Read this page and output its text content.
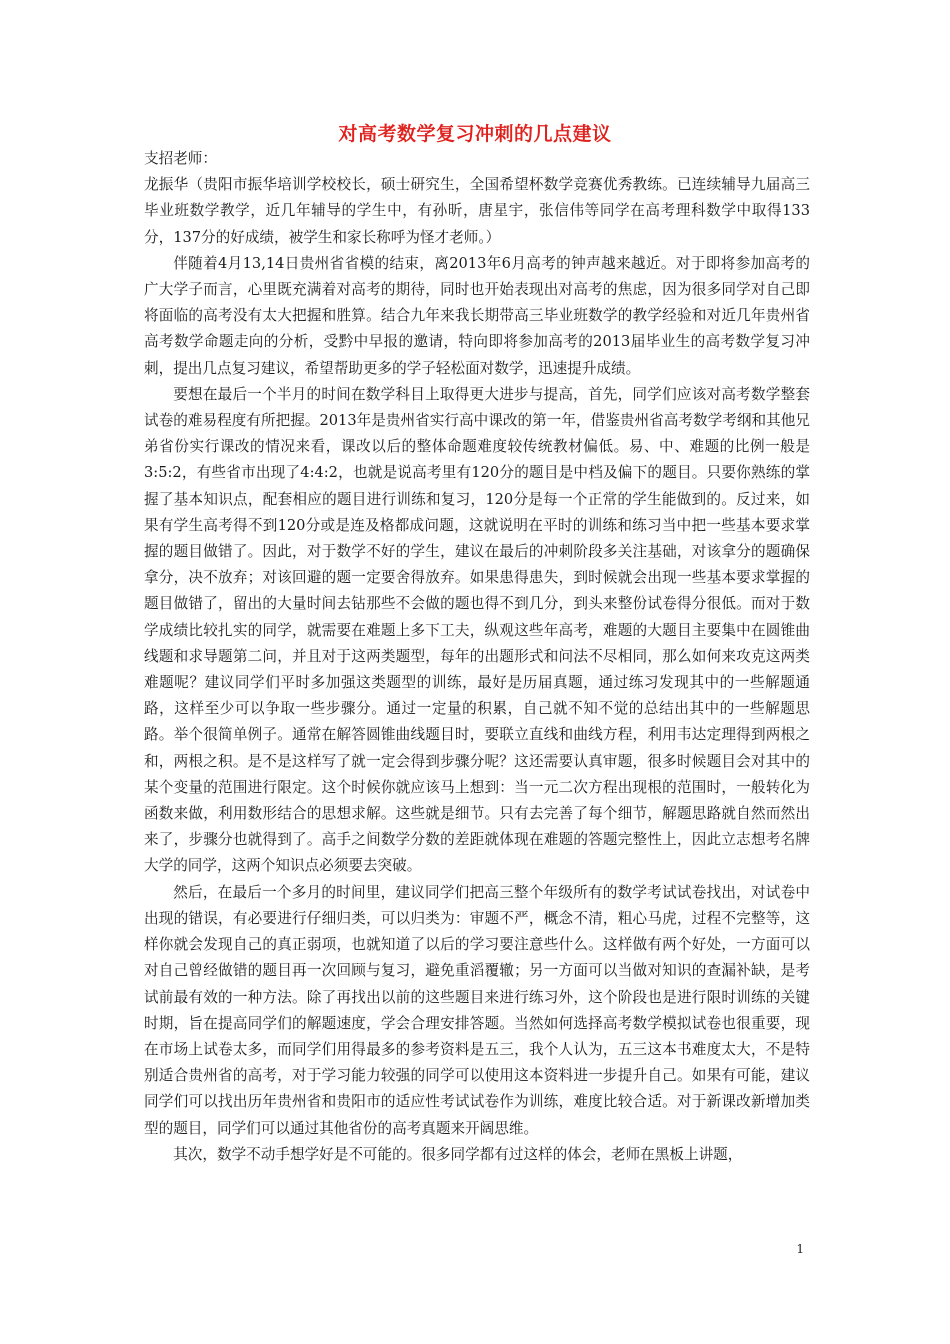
对高考数学复习冲刺的几点建议

支招老师：

龙振华（贵阳市振华培训学校校长，硕士研究生，全国希望杯数学竞赛优秀教练。已连续辅导九届高三毕业班数学教学，近几年辅导的学生中，有孙昕，唐星宇，张信伟等同学在高考理科数学中取得133分，137分的好成绩，被学生和家长称呼为怪才老师。）

伴随着4月13,14日贵州省省模的结束，离2013年6月高考的钟声越来越近。对于即将参加高考的广大学子而言，心里既充满着对高考的期待，同时也开始表现出对高考的焦虑，因为很多同学对自己即将面临的高考没有太大把握和胜算。结合九年来我长期带高三毕业班数学的教学经验和对近几年贵州省高考数学命题走向的分析，受黔中早报的邀请，特向即将参加高考的2013届毕业生的高考数学复习冲刺，提出几点复习建议，希望帮助更多的学子轻松面对数学，迅速提升成绩。

要想在最后一个半月的时间在数学科目上取得更大进步与提高，首先，同学们应该对高考数学整套试卷的难易程度有所把握。2013年是贵州省实行高中课改的第一年，借鉴贵州省高考数学考纲和其他兄弟省份实行课改的情况来看，课改以后的整体命题难度较传统教材偏低。易、中、难题的比例一般是3:5:2，有些省市出现了4:4:2，也就是说高考里有120分的题目是中档及偏下的题目。只要你熟练的掌握了基本知识点，配套相应的题目进行训练和复习，120分是每一个正常的学生能做到的。反过来，如果有学生高考得不到120分或是连及格都成问题，这就说明在平时的训练和练习当中把一些基本要求掌握的题目做错了。因此，对于数学不好的学生，建议在最后的冲刺阶段多关注基础，对该拿分的题确保拿分，决不放弃；对该回避的题一定要舍得放弃。如果患得患失，到时候就会出现一些基本要求掌握的题目做错了，留出的大量时间去钻那些不会做的题也得不到几分，到头来整份试卷得分很低。而对于数学成绩比较扎实的同学，就需要在难题上多下工夫，纵观这些年高考，难题的大题目主要集中在圆锥曲线题和求导题第二问，并且对于这两类题型，每年的出题形式和问法不尽相同，那么如何来攻克这两类难题呢？建议同学们平时多加强这类题型的训练，最好是历届真题，通过练习发现其中的一些解题通路，这样至少可以争取一些步骤分。通过一定量的积累，自己就不知不觉的总结出其中的一些解题思路。举个很简单例子。通常在解答圆锥曲线题目时，要联立直线和曲线方程，利用韦达定理得到两根之和，两根之积。是不是这样写了就一定会得到步骤分呢？这还需要认真审题，很多时候题目会对其中的某个变量的范围进行限定。这个时候你就应该马上想到：当一元二次方程出现根的范围时，一般转化为函数来做，利用数形结合的思想求解。这些就是细节。只有去完善了每个细节，解题思路就自然而然出来了，步骤分也就得到了。高手之间数学分数的差距就体现在难题的答题完整性上，因此立志想考名牌大学的同学，这两个知识点必须要去突破。

然后，在最后一个多月的时间里，建议同学们把高三整个年级所有的数学考试试卷找出，对试卷中出现的错误，有必要进行仔细归类，可以归类为：审题不严，概念不清，粗心马虎，过程不完整等，这样你就会发现自己的真正弱项，也就知道了以后的学习要注意些什么。这样做有两个好处，一方面可以对自己曾经做错的题目再一次回顾与复习，避免重滔覆辙；另一方面可以当做对知识的查漏补缺，是考试前最有效的一种方法。除了再找出以前的这些题目来进行练习外，这个阶段也是进行限时训练的关键时期，旨在提高同学们的解题速度，学会合理安排答题。当然如何选择高考数学模拟试卷也很重要，现在市场上试卷太多，而同学们用得最多的参考资料是五三，我个人认为，五三这本书难度太大，不是特别适合贵州省的高考，对于学习能力较强的同学可以使用这本资料进一步提升自己。如果有可能，建议同学们可以找出历年贵州省和贵阳市的适应性考试试卷作为训练，难度比较合适。对于新课改新增加类型的题目，同学们可以通过其他省份的高考真题来开阔思维。

其次，数学不动手想学好是不可能的。很多同学都有过这样的体会，老师在黑板上讲题，

1
